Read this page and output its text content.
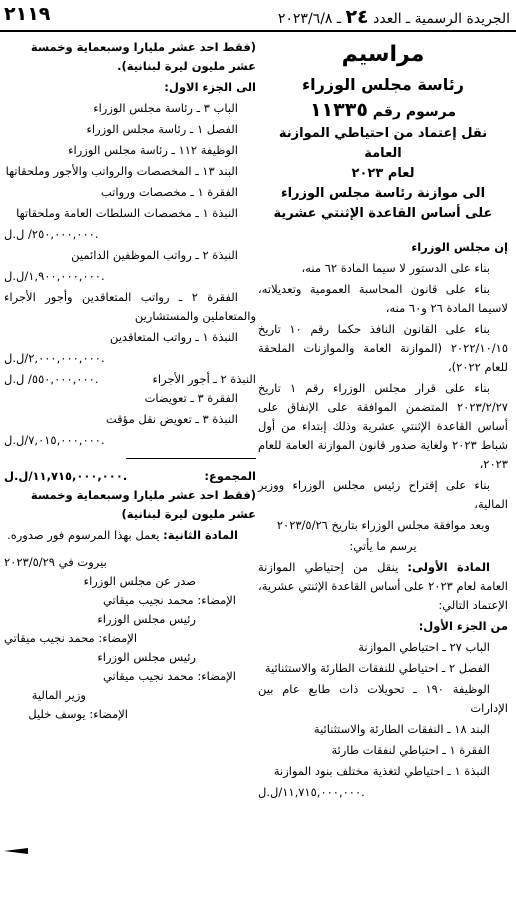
٢١١٩	الجريدة الرسمية ـ العدد ٢٤ ـ ٢٠٢٣/٦/٨
مراسيم
رئاسة مجلس الوزراء
مرسوم رقم ١١٣٣٥
نقل إعتماد من احتياطي الموازنة العامة
لعام ٢٠٢٣
الى موازنة رئاسة مجلس الوزراء
على أساس القاعدة الإثنتي عشرية
إن مجلس الوزراء
بناء على الدستور لا سيما المادة ٦٢ منه،
بناء على قانون المحاسبة العمومية وتعديلاته، لاسيما المادة ٢٦ و٦٠ منه،
بناء على القانون النافذ حكما رقم ١٠ تاريخ ٢٠٢٢/١٠/١٥ (الموازنة العامة والموازنات الملحقة للعام ٢٠٢٢)،
بناء على قرار مجلس الوزراء رقم ١ تاريخ ٢٠٢٣/٢/٢٧ المتضمن الموافقة على الإنفاق على أساس القاعدة الإثنتي عشرية وذلك إبتداء من أول شباط ٢٠٢٣ ولغاية صدور قانون الموازنة العامة للعام ٢٠٢٣،
بناء على إقتراح رئيس مجلس الوزراء ووزير المالية،
وبعد موافقة مجلس الوزراء بتاريخ ٢٠٢٣/٥/٢٦
يرسم ما يأتي:
المادة الأولى: ينقل من إحتياطي الموازنة العامة لعام ٢٠٢٣ على أساس القاعدة الإثنتي عشرية، الإعتماد التالي:
من الجزء الأول:
الباب ٢٧ ـ احتياطي الموازنة
الفصل ٢ ـ احتياطي للنفقات الطارئة والاستثنائية
الوظيفة ١٩٠ ـ تحويلات ذات طابع عام بين الإدارات
البند ١٨ ـ النفقات الطارئة والاستثنائية
الفقرة ١ ـ احتياطي لنفقات طارئة
النبذة ١ ـ احتياطي لتغذية مختلف بنود الموازنة
١١,٧١٥,٠٠٠,٠٠٠/ل.ل.
(فقط احد عشر مليارا وسبعماية وخمسة عشر مليون ليرة لبنانية).
الى الجزء الاول:
الباب ٣ ـ رئاسة مجلس الوزراء
الفصل ١ ـ رئاسة مجلس الوزراء
الوظيفة ١١٢ ـ رئاسة مجلس الوزراء
البند ١٣ ـ المخصصات والرواتب والأجور وملحقاتها
الفقرة ١ ـ مخصصات ورواتب
النبذة ١ ـ مخصصات السلطات العامة وملحقاتها
٢٥٠,٠٠٠,٠٠٠/ ل.ل.
النبذة ٢ ـ رواتب الموظفين الدائمين
١,٩٠٠,٠٠٠,٠٠٠/ل.ل.
الفقرة ٢ ـ رواتب المتعاقدين وأجور الأجراء والمتعاملين والمستشارين
النبذة ١ ـ رواتب المتعاقدين
٢,٠٠٠,٠٠٠,٠٠٠/ل.ل.
النبذة ٢ ـ أجور الأجراء
٥٥٠,٠٠٠,٠٠٠/ ل.ل.
الفقرة ٣ ـ تعويضات
النبذة ٣ ـ تعويض نقل مؤقت
٧,٠١٥,٠٠٠,٠٠٠/ل.ل.
المجموع:
١١,٧١٥,٠٠٠,٠٠٠/ل.ل.
(فقط احد عشر مليارا وسبعماية وخمسة عشر مليون ليرة لبنانية)
المادة الثانية: يعمل بهذا المرسوم فور صدوره.
بيروت في ٢٠٢٣/٥/٢٩
صدر عن مجلس الوزراء
الإمضاء: محمد نجيب ميقاتي
رئيس مجلس الوزراء
الإمضاء: محمد نجيب ميقاتي
رئيس مجلس الوزراء
الإمضاء: محمد نجيب ميقاتي
وزير المالية
الإمضاء: يوسف خليل
